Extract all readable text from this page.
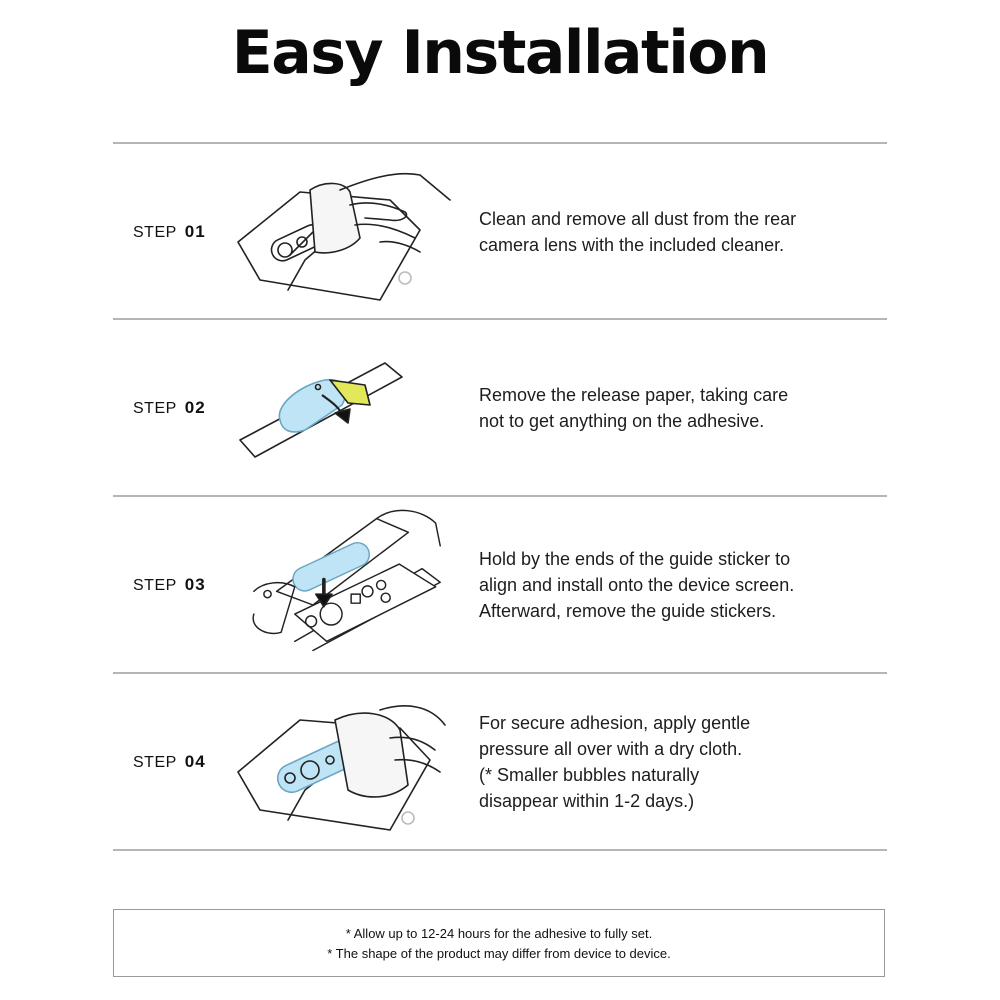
Easy Installation
STEP 01
Clean and remove all dust from the rear
camera lens with the included cleaner.
STEP 02
Remove the release paper, taking care
not to get anything on the adhesive.
STEP 03
Hold by the ends of the guide sticker to
align and install onto the device screen.
Afterward, remove the guide stickers.
STEP 04
For secure adhesion, apply gentle
pressure all over with a dry cloth.
(* Smaller bubbles naturally
disappear within 1-2 days.)
* Allow up to 12-24 hours for the adhesive to fully set.
* The shape of the product may differ from device to device.
